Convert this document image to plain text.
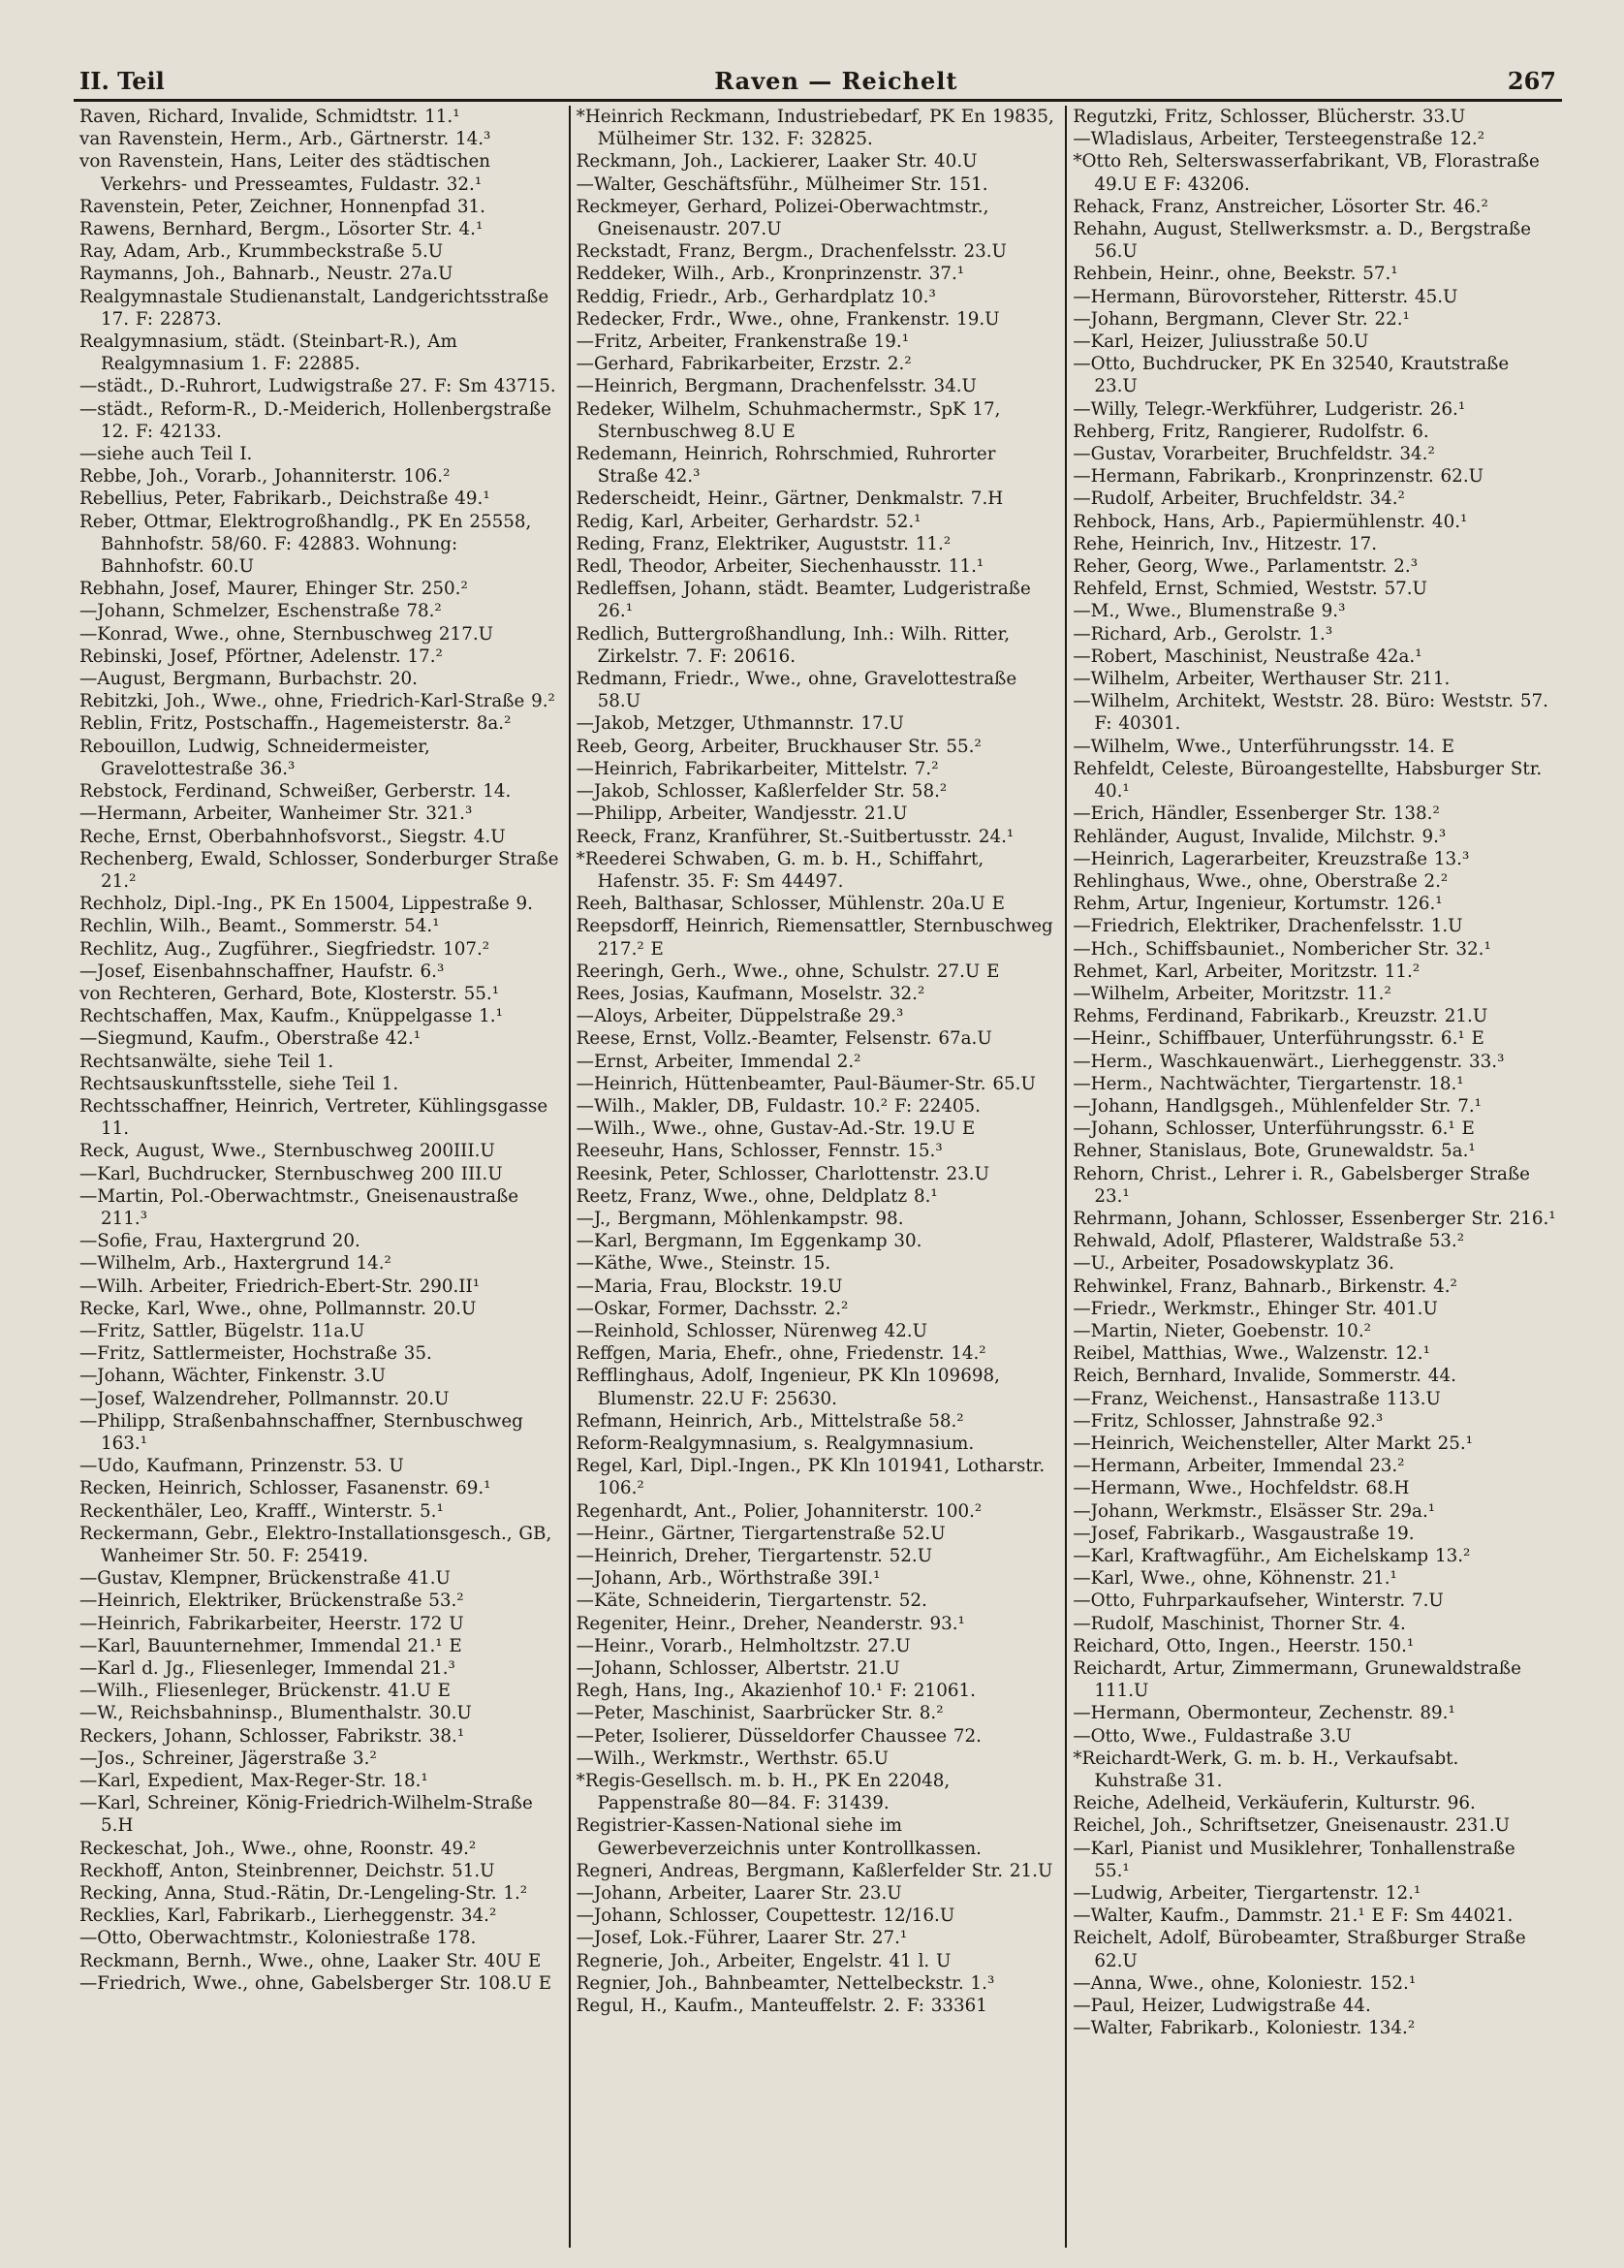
II. Teil	Raven — Reichelt	267
Raven, Richard, Invalide, Schmidtstr. 11.¹
van Ravenstein, Herm., Arb., Gärtnerstr. 14.³
von Ravenstein, Hans, Leiter des städtischen Verkehrs- und Presseamtes, Fuldastr. 32.¹
Ravenstein, Peter, Zeichner, Honnenpfad 31.
Rawens, Bernhard, Bergm., Lösorter Str. 4.¹
Ray, Adam, Arb., Krummbeckstraße 5.U
Raymanns, Joh., Bahnarb., Neustr. 27a.U
Realgymnastale Studienanstalt, Landgerichtsstraße 17. F: 22873.
Realgymnasium, städt. (Steinbart-R.), Am Realgymnasium 1. F: 22885.
—städt., D.-Ruhrort, Ludwigstraße 27. F: Sm 43715.
—städt., Reform-R., D.-Meiderich, Hollenbergstraße 12. F: 42133.
—siehe auch Teil I.
Rebbe, Joh., Vorarb., Johanniterstr. 106.²
Rebellius, Peter, Fabrikarb., Deichstraße 49.¹
Reber, Ottmar, Elektrogroßhandlg., PK En 25558, Bahnhofstr. 58/60. F: 42883. Wohnung: Bahnhofstr. 60.U
Rebhahn, Josef, Maurer, Ehinger Str. 250.²
—Johann, Schmelzer, Eschenstraße 78.²
—Konrad, Wwe., ohne, Sternbuschweg 217.U
Rebinski, Josef, Pförtner, Adelenstr. 17.²
—August, Bergmann, Burbachstr. 20.
Rebitzki, Joh., Wwe., ohne, Friedrich-Karl-Straße 9.²
Reblin, Fritz, Postschaffn., Hagemeisterstr. 8a.²
Rebouillon, Ludwig, Schneidermeister, Gravelottestraße 36.³
Rebstock, Ferdinand, Schweißer, Gerberstr. 14.
—Hermann, Arbeiter, Wanheimer Str. 321.³
Reche, Ernst, Oberbahnhofsvorst., Siegstr. 4.U
Rechenberg, Ewald, Schlosser, Sonderburger Straße 21.²
Rechholz, Dipl.-Ing., PK En 15004, Lippestraße 9.
Rechlin, Wilh., Beamt., Sommerstr. 54.¹
Rechlitz, Aug., Zugführer., Siegfriedstr. 107.²
—Josef, Eisenbahnschaffner, Haufstr. 6.³
von Rechteren, Gerhard, Bote, Klosterstr. 55.¹
Rechtschaffen, Max, Kaufm., Knüppelgasse 1.¹
—Siegmund, Kaufm., Oberstraße 42.¹
Rechtsanwälte, siehe Teil 1.
Rechtsauskunftsstelle, siehe Teil 1.
Rechtsschaffner, Heinrich, Vertreter, Kühlingsgasse 11.
Reck, August, Wwe., Sternbuschweg 200III.U
—Karl, Buchdrucker, Sternbuschweg 200 III.U
—Martin, Pol.-Oberwachtmstr., Gneisenaustraße 211.³
—Sofie, Frau, Haxtergrund 20.
—Wilhelm, Arb., Haxtergrund 14.²
—Wilh. Arbeiter, Friedrich-Ebert-Str. 290.II¹
Recke, Karl, Wwe., ohne, Pollmannstr. 20.U
—Fritz, Sattler, Bügelstr. 11a.U
—Fritz, Sattlermeister, Hochstraße 35.
—Johann, Wächter, Finkenstr. 3.U
—Josef, Walzendreher, Pollmannstr. 20.U
—Philipp, Straßenbahnschaffner, Sternbuschweg 163.¹
—Udo, Kaufmann, Prinzenstr. 53. U
Recken, Heinrich, Schlosser, Fasanenstr. 69.¹
Reckenthäler, Leo, Krafff., Winterstr. 5.¹
Reckermann, Gebr., Elektro-Installationsgesch., GB, Wanheimer Str. 50. F: 25419.
—Gustav, Klempner, Brückenstraße 41.U
—Heinrich, Elektriker, Brückenstraße 53.²
—Heinrich, Fabrikarbeiter, Heerstr. 172 U
—Karl, Bauunternehmer, Immendal 21.¹ E
—Karl d. Jg., Fliesenleger, Immendal 21.³
—Wilh., Fliesenleger, Brückenstr. 41.U E
—W., Reichsbahninsp., Blumenthalstr. 30.U
Reckers, Johann, Schlosser, Fabrikstr. 38.¹
—Jos., Schreiner, Jägerstraße 3.²
—Karl, Expedient, Max-Reger-Str. 18.¹
—Karl, Schreiner, König-Friedrich-Wilhelm-Straße 5.H
Reckeschat, Joh., Wwe., ohne, Roonstr. 49.²
Reckhoff, Anton, Steinbrenner, Deichstr. 51.U
Recking, Anna, Stud.-Rätin, Dr.-Lengeling-Str. 1.²
Recklies, Karl, Fabrikarb., Lierheggenstr. 34.²
—Otto, Oberwachtmstr., Koloniestraße 178.
Reckmann, Bernh., Wwe., ohne, Laaker Str. 40U E
—Friedrich, Wwe., ohne, Gabelsberger Str. 108.U E
*Heinrich Reckmann, Industriebedarf, PK En 19835, Mülheimer Str. 132. F: 32825.
Reckmann, Joh., Lackierer, Laaker Str. 40.U
—Walter, Geschäftsführ., Mülheimer Str. 151.
Reckmeyer, Gerhard, Polizei-Oberwachtmstr., Gneisenaustr. 207.U
Reckstadt, Franz, Bergm., Drachenfelsstr. 23.U
Reddeker, Wilh., Arb., Kronprinzenstr. 37.¹
Reddig, Friedr., Arb., Gerhardplatz 10.³
Redecker, Frdr., Wwe., ohne, Frankenstr. 19.U
—Fritz, Arbeiter, Frankenstraße 19.¹
—Gerhard, Fabrikarbeiter, Erzstr. 2.²
—Heinrich, Bergmann, Drachenfelsstr. 34.U
Redeker, Wilhelm, Schuhmachermstr., SpK 17, Sternbuschweg 8.U E
Redemann, Heinrich, Rohrschmied, Ruhrorter Straße 42.³
Rederscheidt, Heinr., Gärtner, Denkmalstr. 7.H
Redig, Karl, Arbeiter, Gerhardstr. 52.¹
Reding, Franz, Elektriker, Auguststr. 11.²
Redl, Theodor, Arbeiter, Siechenhausstr. 11.¹
Redleffsen, Johann, städt. Beamter, Ludgeristraße 26.¹
Redlich, Buttergroßhandlung, Inh.: Wilh. Ritter, Zirkelstr. 7. F: 20616.
Redmann, Friedr., Wwe., ohne, Gravelottestraße 58.U
—Jakob, Metzger, Uthmannstr. 17.U
Reeb, Georg, Arbeiter, Bruckhauser Str. 55.²
—Heinrich, Fabrikarbeiter, Mittelstr. 7.²
—Jakob, Schlosser, Kaßlerfelder Str. 58.²
—Philipp, Arbeiter, Wandjesstr. 21.U
Reeck, Franz, Kranführer, St.-Suitbertusstr. 24.¹
*Reederei Schwaben, G. m. b. H., Schiffahrt, Hafenstr. 35. F: Sm 44497.
Reeh, Balthasar, Schlosser, Mühlenstr. 20a.U E
Reepsdorff, Heinrich, Riemensattler, Sternbuschweg 217.² E
Reeringh, Gerh., Wwe., ohne, Schulstr. 27.U E
Rees, Josias, Kaufmann, Moselstr. 32.²
—Aloys, Arbeiter, Düppelstraße 29.³
Reese, Ernst, Vollz.-Beamter, Felsenstr. 67a.U
—Ernst, Arbeiter, Immendal 2.²
—Heinrich, Hüttenbeamter, Paul-Bäumer-Str. 65.U
—Wilh., Makler, DB, Fuldastr. 10.² F: 22405.
—Wilh., Wwe., ohne, Gustav-Ad.-Str. 19.U E
Reeseuhr, Hans, Schlosser, Fennstr. 15.³
Reesink, Peter, Schlosser, Charlottenstr. 23.U
Reetz, Franz, Wwe., ohne, Deldplatz 8.¹
—J., Bergmann, Möhlenkampstr. 98.
—Karl, Bergmann, Im Eggenkamp 30.
—Käthe, Wwe., Steinstr. 15.
—Maria, Frau, Blockstr. 19.U
—Oskar, Former, Dachsstr. 2.²
—Reinhold, Schlosser, Nürenweg 42.U
Reffgen, Maria, Ehefr., ohne, Friedenstr. 14.²
Refflinghaus, Adolf, Ingenieur, PK Kln 109698, Blumenstr. 22.U F: 25630.
Refmann, Heinrich, Arb., Mittelstraße 58.²
Reform-Realgymnasium, s. Realgymnasium.
Regel, Karl, Dipl.-Ingen., PK Kln 101941, Lotharstr. 106.²
Regenhardt, Ant., Polier, Johanniterstr. 100.²
—Heinr., Gärtner, Tiergartenstraße 52.U
—Heinrich, Dreher, Tiergartenstr. 52.U
—Johann, Arb., Wörthstraße 39I.¹
—Käte, Schneiderin, Tiergartenstr. 52.
Regeniter, Heinr., Dreher, Neanderstr. 93.¹
—Heinr., Vorarb., Helmholtzstr. 27.U
—Johann, Schlosser, Albertstr. 21.U
Regh, Hans, Ing., Akazienhof 10.¹ F: 21061.
—Peter, Maschinist, Saarbrücker Str. 8.²
—Peter, Isolierer, Düsseldorfer Chaussee 72.
—Wilh., Werkmstr., Werthstr. 65.U
*Regis-Gesellsch. m. b. H., PK En 22048, Pappenstraße 80—84. F: 31439.
Registrier-Kassen-National siehe im Gewerbeverzeichnis unter Kontrollkassen.
Regneri, Andreas, Bergmann, Kaßlerfelder Str. 21.U
—Johann, Arbeiter, Laarer Str. 23.U
—Johann, Schlosser, Coupettestr. 12/16.U
—Josef, Lok.-Führer, Laarer Str. 27.¹
Regnerie, Joh., Arbeiter, Engelstr. 41 l. U
Regnier, Joh., Bahnbeamter, Nettelbeckstr. 1.³
Regul, H., Kaufm., Manteuffelstr. 2. F: 33361
Regutzki, Fritz, Schlosser, Blücherstr. 33.U
—Wladislaus, Arbeiter, Tersteegenstraße 12.²
*Otto Reh, Selterswasserfabrikant, VB, Florastraße 49.U E F: 43206.
Rehack, Franz, Anstreicher, Lösorter Str. 46.²
Rehahn, August, Stellwerksmstr. a. D., Bergstraße 56.U
Rehbein, Heinr., ohne, Beekstr. 57.¹
—Hermann, Bürovorsteher, Ritterstr. 45.U
—Johann, Bergmann, Clever Str. 22.¹
—Karl, Heizer, Juliusstraße 50.U
—Otto, Buchdrucker, PK En 32540, Krautstraße 23.U
—Willy, Telegr.-Werkführer, Ludgeristr. 26.¹
Rehberg, Fritz, Rangierer, Rudolfstr. 6.
—Gustav, Vorarbeiter, Bruchfeldstr. 34.²
—Hermann, Fabrikarb., Kronprinzenstr. 62.U
—Rudolf, Arbeiter, Bruchfeldstr. 34.²
Rehbock, Hans, Arb., Papiermühlenstr. 40.¹
Rehe, Heinrich, Inv., Hitzestr. 17.
Reher, Georg, Wwe., Parlamentstr. 2.³
Rehfeld, Ernst, Schmied, Weststr. 57.U
—M., Wwe., Blumenstraße 9.³
—Richard, Arb., Gerolstr. 1.³
—Robert, Maschinist, Neustraße 42a.¹
—Wilhelm, Arbeiter, Werthauser Str. 211.
—Wilhelm, Architekt, Weststr. 28. Büro: Weststr. 57. F: 40301.
—Wilhelm, Wwe., Unterführungsstr. 14. E
Rehfeldt, Celeste, Büroangestellte, Habsburger Str. 40.¹
—Erich, Händler, Essenberger Str. 138.²
Rehländer, August, Invalide, Milchstr. 9.³
—Heinrich, Lagerarbeiter, Kreuzstraße 13.³
Rehlinghaus, Wwe., ohne, Oberstraße 2.²
Rehm, Artur, Ingenieur, Kortumstr. 126.¹
—Friedrich, Elektriker, Drachenfelsstr. 1.U
—Hch., Schiffsbauniet., Nombericher Str. 32.¹
Rehmet, Karl, Arbeiter, Moritzstr. 11.²
—Wilhelm, Arbeiter, Moritzstr. 11.²
Rehms, Ferdinand, Fabrikarb., Kreuzstr. 21.U
—Heinr., Schiffbauer, Unterführungsstr. 6.¹ E
—Herm., Waschkauenwärt., Lierheggenstr. 33.³
—Herm., Nachtwächter, Tiergartenstr. 18.¹
—Johann, Handlgsgeh., Mühlenfelder Str. 7.¹
—Johann, Schlosser, Unterführungsstr. 6.¹ E
Rehner, Stanislaus, Bote, Grunewaldstr. 5a.¹
Rehorn, Christ., Lehrer i. R., Gabelsberger Straße 23.¹
Rehrmann, Johann, Schlosser, Essenberger Str. 216.¹
Rehwald, Adolf, Pflasterer, Waldstraße 53.²
—U., Arbeiter, Posadowskyplatz 36.
Rehwinkel, Franz, Bahnarb., Birkenstr. 4.²
—Friedr., Werkmstr., Ehinger Str. 401.U
—Martin, Nieter, Goebenstr. 10.²
Reibel, Matthias, Wwe., Walzenstr. 12.¹
Reich, Bernhard, Invalide, Sommerstr. 44.
—Franz, Weichenst., Hansastraße 113.U
—Fritz, Schlosser, Jahnstraße 92.³
—Heinrich, Weichensteller, Alter Markt 25.¹
—Hermann, Arbeiter, Immendal 23.²
—Hermann, Wwe., Hochfeldstr. 68.H
—Johann, Werkmstr., Elsässer Str. 29a.¹
—Josef, Fabrikarb., Wasgaustraße 19.
—Karl, Kraftwagführ., Am Eichelskamp 13.²
—Karl, Wwe., ohne, Köhnenstr. 21.¹
—Otto, Fuhrparkaufseher, Winterstr. 7.U
—Rudolf, Maschinist, Thorner Str. 4.
Reichard, Otto, Ingen., Heerstr. 150.¹
Reichardt, Artur, Zimmermann, Grunewaldstraße 111.U
—Hermann, Obermonteur, Zechenstr. 89.¹
—Otto, Wwe., Fuldastraße 3.U
*Reichardt-Werk, G. m. b. H., Verkaufsabt. Kuhstraße 31.
Reiche, Adelheid, Verkäuferin, Kulturstr. 96.
Reichel, Joh., Schriftsetzer, Gneisenaustr. 231.U
—Karl, Pianist und Musiklehrer, Tonhallenstraße 55.¹
—Ludwig, Arbeiter, Tiergartenstr. 12.¹
—Walter, Kaufm., Dammstr. 21.¹ E F: Sm 44021.
Reichelt, Adolf, Bürobeamter, Straßburger Straße 62.U
—Anna, Wwe., ohne, Koloniestr. 152.¹
—Paul, Heizer, Ludwigstraße 44.
—Walter, Fabrikarb., Koloniestr. 134.²
